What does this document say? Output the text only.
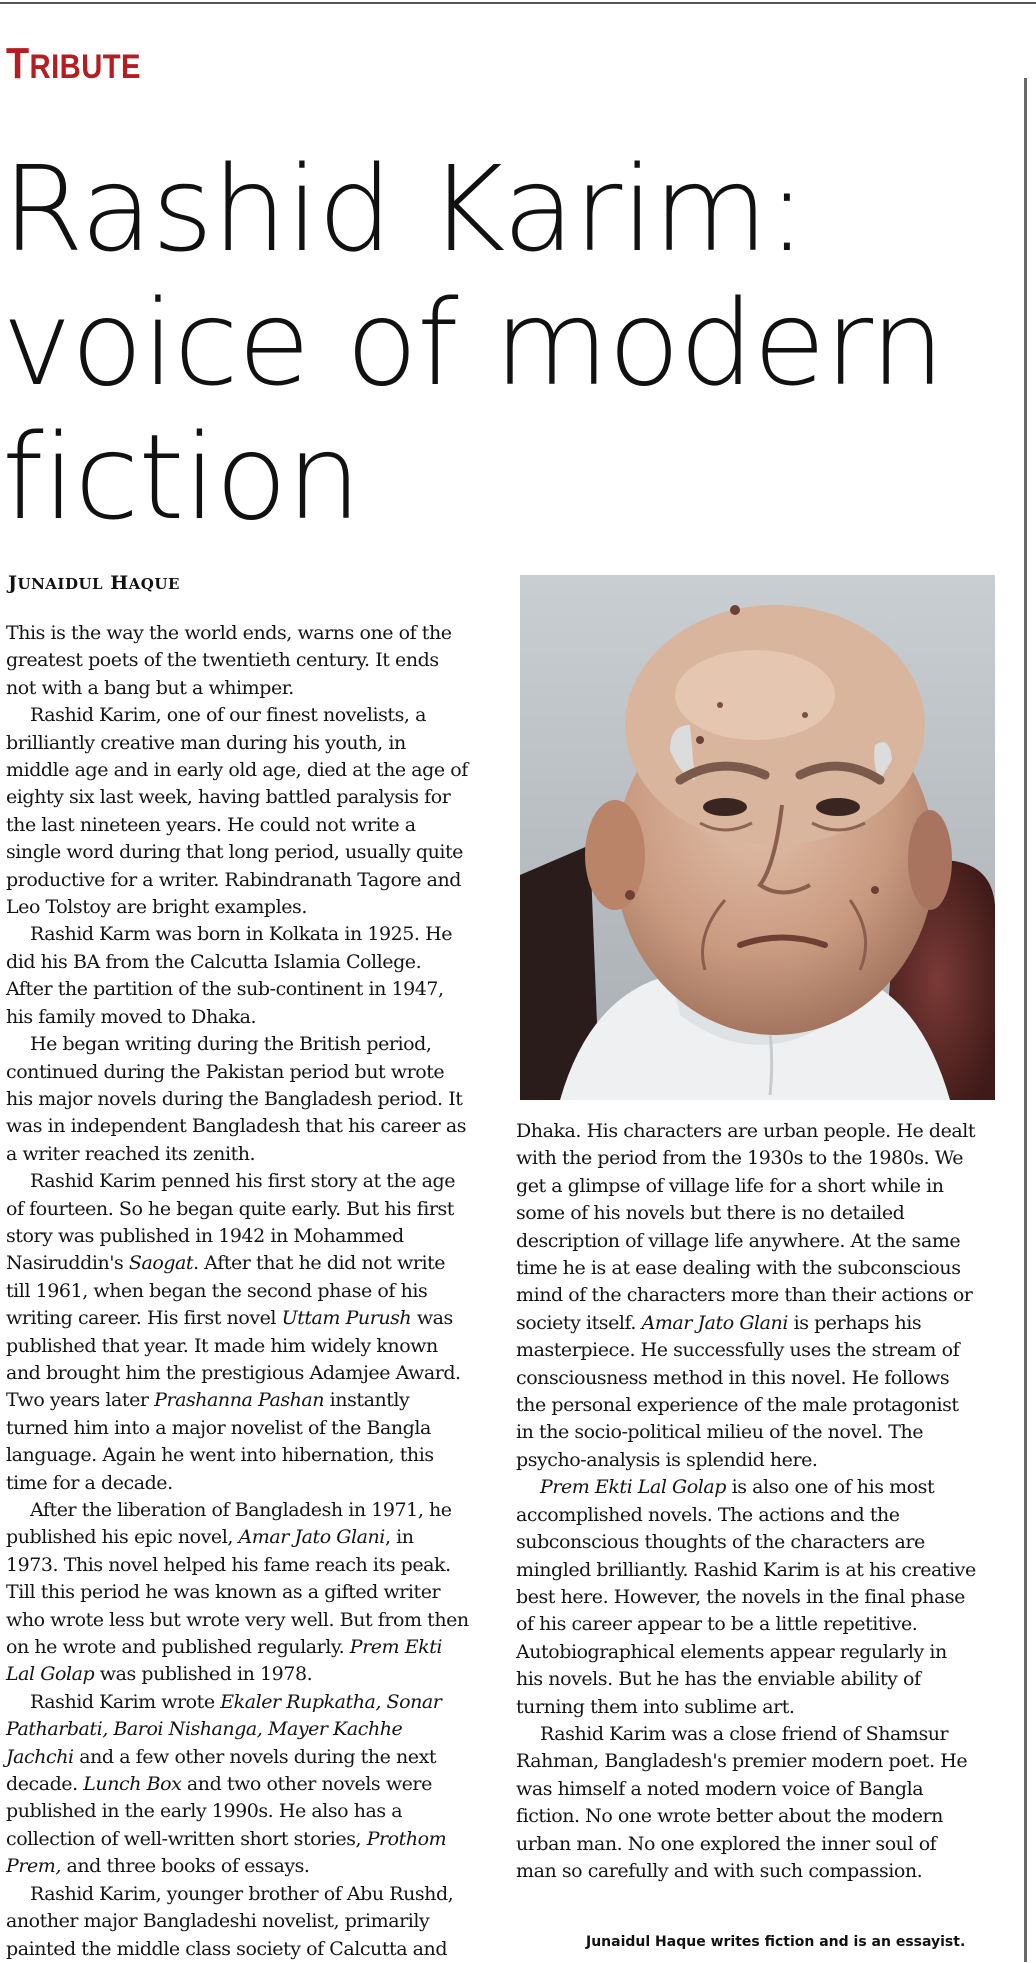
TRIBUTE
Rashid Karim:
voice of modern
fiction

JUNAIDUL HAQUE

This is the way the world ends, warns one of the

greatest poets of the twentieth century. It ends

not with a bang but a whimper.

Rashid Karim, one of our finest novelists, a

brilliantly creative man during his youth, in

middle age and in early old age, died at the age of

eighty six last week, having battled paralysis for

the last nineteen years. He could not write a

single word during that long period, usually quite

productive for a writer. Rabindranath Tagore and

Leo Tolstoy are bright examples.

Rashid Karm was born in Kolkata in 1925. He

did his BA from the Calcutta Islamia College.

After the partition of the sub-continent in 1947,

his family moved to Dhaka.

He began writing during the British period,

continued during the Pakistan period but wrote

his major novels during the Bangladesh period. It

was in independent Bangladesh that his career as

a writer reached its zenith.

Rashid Karim penned his first story at the age

of fourteen. So he began quite early. But his first

story was published in 1942 in Mohammed

Nasiruddin's Saogat. After that he did not write

till 1961, when began the second phase of his

writing career. His first novel Uttam Purush was

published that year. It made him widely known

and brought him the prestigious Adamjee Award.

Two years later Prashanna Pashan instantly

turned him into a major novelist of the Bangla

language. Again he went into hibernation, this

time for a decade.

After the liberation of Bangladesh in 1971, he

published his epic novel, Amar Jato Glani, in

1973. This novel helped his fame reach its peak.

Till this period he was known as a gifted writer

who wrote less but wrote very well. But from then

on he wrote and published regularly. Prem Ekti

Lal Golap was published in 1978.

Rashid Karim wrote Ekaler Rupkatha, Sonar

Patharbati, Baroi Nishanga, Mayer Kachhe

Jachchi and a few other novels during the next

decade. Lunch Box and two other novels were

published in the early 1990s. He also has a

collection of well-written short stories, Prothom

Prem, and three books of essays.

Rashid Karim, younger brother of Abu Rushd,

another major Bangladeshi novelist, primarily

painted the middle class society of Calcutta and

Dhaka. His characters are urban people. He dealt

with the period from the 1930s to the 1980s. We

get a glimpse of village life for a short while in

some of his novels but there is no detailed

description of village life anywhere. At the same

time he is at ease dealing with the subconscious

mind of the characters more than their actions or

society itself. Amar Jato Glani is perhaps his

masterpiece. He successfully uses the stream of

consciousness method in this novel. He follows

the personal experience of the male protagonist

in the socio-political milieu of the novel. The

psycho-analysis is splendid here.

Prem Ekti Lal Golap is also one of his most

accomplished novels. The actions and the

subconscious thoughts of the characters are

mingled brilliantly. Rashid Karim is at his creative

best here. However, the novels in the final phase

of his career appear to be a little repetitive.

Autobiographical elements appear regularly in

his novels. But he has the enviable ability of

turning them into sublime art.

Rashid Karim was a close friend of Shamsur

Rahman, Bangladesh's premier modern poet. He

was himself a noted modern voice of Bangla

fiction. No one wrote better about the modern

urban man. No one explored the inner soul of

man so carefully and with such compassion.

Junaidul Haque writes fiction and is an essayist.
